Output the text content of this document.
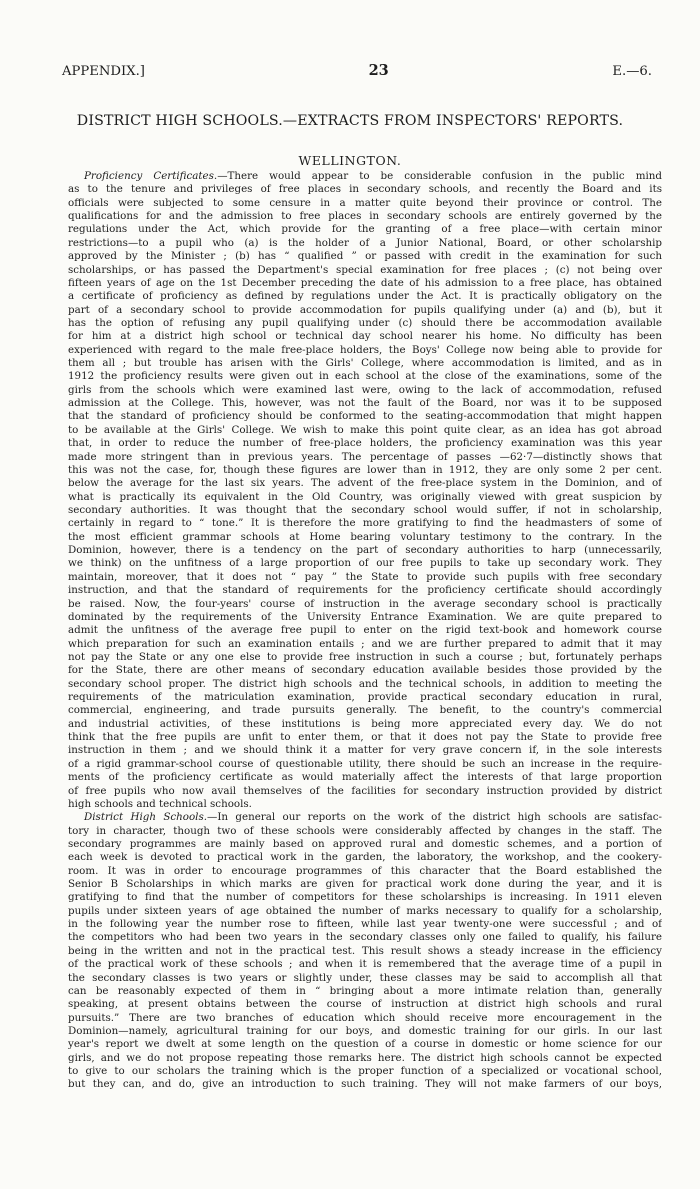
APPENDIX.]	23	E.—6.
DISTRICT HIGH SCHOOLS.—EXTRACTS FROM INSPECTORS' REPORTS.
WELLINGTON.
Proficiency Certificates.—There would appear to be considerable confusion in the public mind
as to the tenure and privileges of free places in secondary schools, and recently the Board and its
officials were subjected to some censure in a matter quite beyond their province or control. The
qualifications for and the admission to free places in secondary schools are entirely governed by the
regulations under the Act, which provide for the granting of a free place—with certain minor
restrictions—to a pupil who (a) is the holder of a Junior National, Board, or other scholarship
approved by the Minister ; (b) has “ qualified ” or passed with credit in the examination for such
scholarships, or has passed the Department's special examination for free places ; (c) not being over
fifteen years of age on the 1st December preceding the date of his admission to a free place, has obtained
a certificate of proficiency as defined by regulations under the Act. It is practically obligatory on the
part of a secondary school to provide accommodation for pupils qualifying under (a) and (b), but it
has the option of refusing any pupil qualifying under (c) should there be accommodation available
for him at a district high school or technical day school nearer his home. No difficulty has been
experienced with regard to the male free-place holders, the Boys' College now being able to provide for
them all ; but trouble has arisen with the Girls' College, where accommodation is limited, and as in
1912 the proficiency results were given out in each school at the close of the examinations, some of the
girls from the schools which were examined last were, owing to the lack of accommodation, refused
admission at the College. This, however, was not the fault of the Board, nor was it to be supposed
that the standard of proficiency should be conformed to the seating-accommodation that might happen
to be available at the Girls' College. We wish to make this point quite clear, as an idea has got abroad
that, in order to reduce the number of free-place holders, the proficiency examination was this year
made more stringent than in previous years. The percentage of passes —62·7—distinctly shows that
this was not the case, for, though these figures are lower than in 1912, they are only some 2 per cent.
below the average for the last six years. The advent of the free-place system in the Dominion, and of
what is practically its equivalent in the Old Country, was originally viewed with great suspicion by
secondary authorities. It was thought that the secondary school would suffer, if not in scholarship,
certainly in regard to “ tone.” It is therefore the more gratifying to find the headmasters of some of
the most efficient grammar schools at Home bearing voluntary testimony to the contrary. In the
Dominion, however, there is a tendency on the part of secondary authorities to harp (unnecessarily,
we think) on the unfitness of a large proportion of our free pupils to take up secondary work. They
maintain, moreover, that it does not “ pay ” the State to provide such pupils with free secondary
instruction, and that the standard of requirements for the proficiency certificate should accordingly
be raised. Now, the four-years' course of instruction in the average secondary school is practically
dominated by the requirements of the University Entrance Examination. We are quite prepared to
admit the unfitness of the average free pupil to enter on the rigid text-book and homework course
which preparation for such an examination entails ; and we are further prepared to admit that it may
not pay the State or any one else to provide free instruction in such a course ; but, fortunately perhaps
for the State, there are other means of secondary education available besides those provided by the
secondary school proper. The district high schools and the technical schools, in addition to meeting the
requirements of the matriculation examination, provide practical secondary education in rural,
commercial, engineering, and trade pursuits generally. The benefit, to the country's commercial
and industrial activities, of these institutions is being more appreciated every day. We do not
think that the free pupils are unfit to enter them, or that it does not pay the State to provide free
instruction in them ; and we should think it a matter for very grave concern if, in the sole interests
of a rigid grammar-school course of questionable utility, there should be such an increase in the require-
ments of the proficiency certificate as would materially affect the interests of that large proportion
of free pupils who now avail themselves of the facilities for secondary instruction provided by district
high schools and technical schools.
District High Schools.—In general our reports on the work of the district high schools are satisfac-
tory in character, though two of these schools were considerably affected by changes in the staff. The
secondary programmes are mainly based on approved rural and domestic schemes, and a portion of
each week is devoted to practical work in the garden, the laboratory, the workshop, and the cookery-
room. It was in order to encourage programmes of this character that the Board established the
Senior B Scholarships in which marks are given for practical work done during the year, and it is
gratifying to find that the number of competitors for these scholarships is increasing. In 1911 eleven
pupils under sixteen years of age obtained the number of marks necessary to qualify for a scholarship,
in the following year the number rose to fifteen, while last year twenty-one were successful ; and of
the competitors who had been two years in the secondary classes only one failed to qualify, his failure
being in the written and not in the practical test. This result shows a steady increase in the efficiency
of the practical work of these schools ; and when it is remembered that the average time of a pupil in
the secondary classes is two years or slightly under, these classes may be said to accomplish all that
can be reasonably expected of them in “ bringing about a more intimate relation than, generally
speaking, at present obtains between the course of instruction at district high schools and rural
pursuits.” There are two branches of education which should receive more encouragement in the
Dominion—namely, agricultural training for our boys, and domestic training for our girls. In our last
year's report we dwelt at some length on the question of a course in domestic or home science for our
girls, and we do not propose repeating those remarks here. The district high schools cannot be expected
to give to our scholars the training which is the proper function of a specialized or vocational school,
but they can, and do, give an introduction to such training. They will not make farmers of our boys,
